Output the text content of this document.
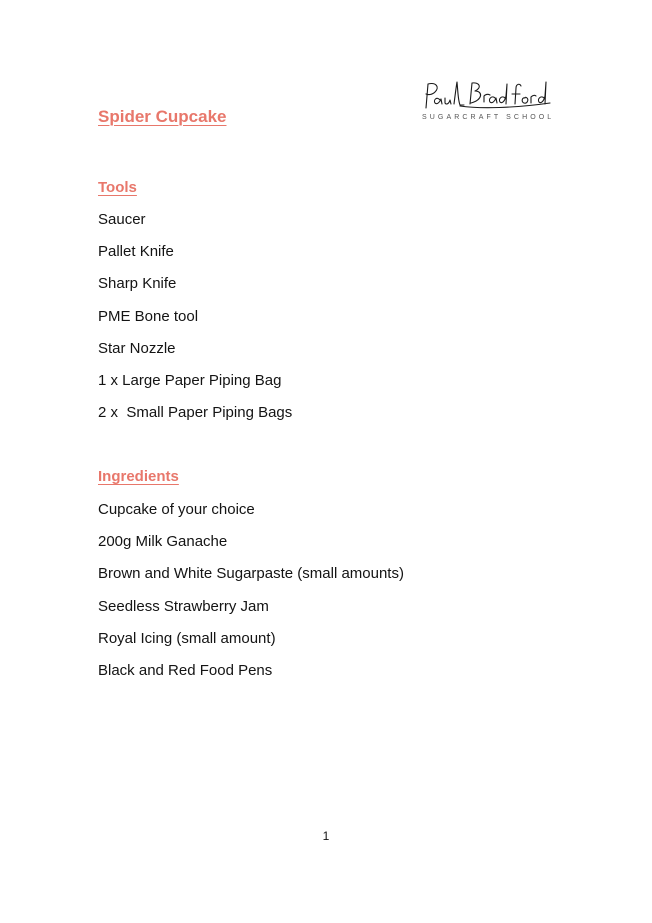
SUGARCRAFT SCHOOL
Spider Cupcake
Tools
Saucer
Pallet Knife
Sharp Knife
PME Bone tool
Star Nozzle
1 x Large Paper Piping Bag
2 x  Small Paper Piping Bags
Ingredients
Cupcake of your choice
200g Milk Ganache
Brown and White Sugarpaste (small amounts)
Seedless Strawberry Jam
Royal Icing (small amount)
Black and Red Food Pens
1
